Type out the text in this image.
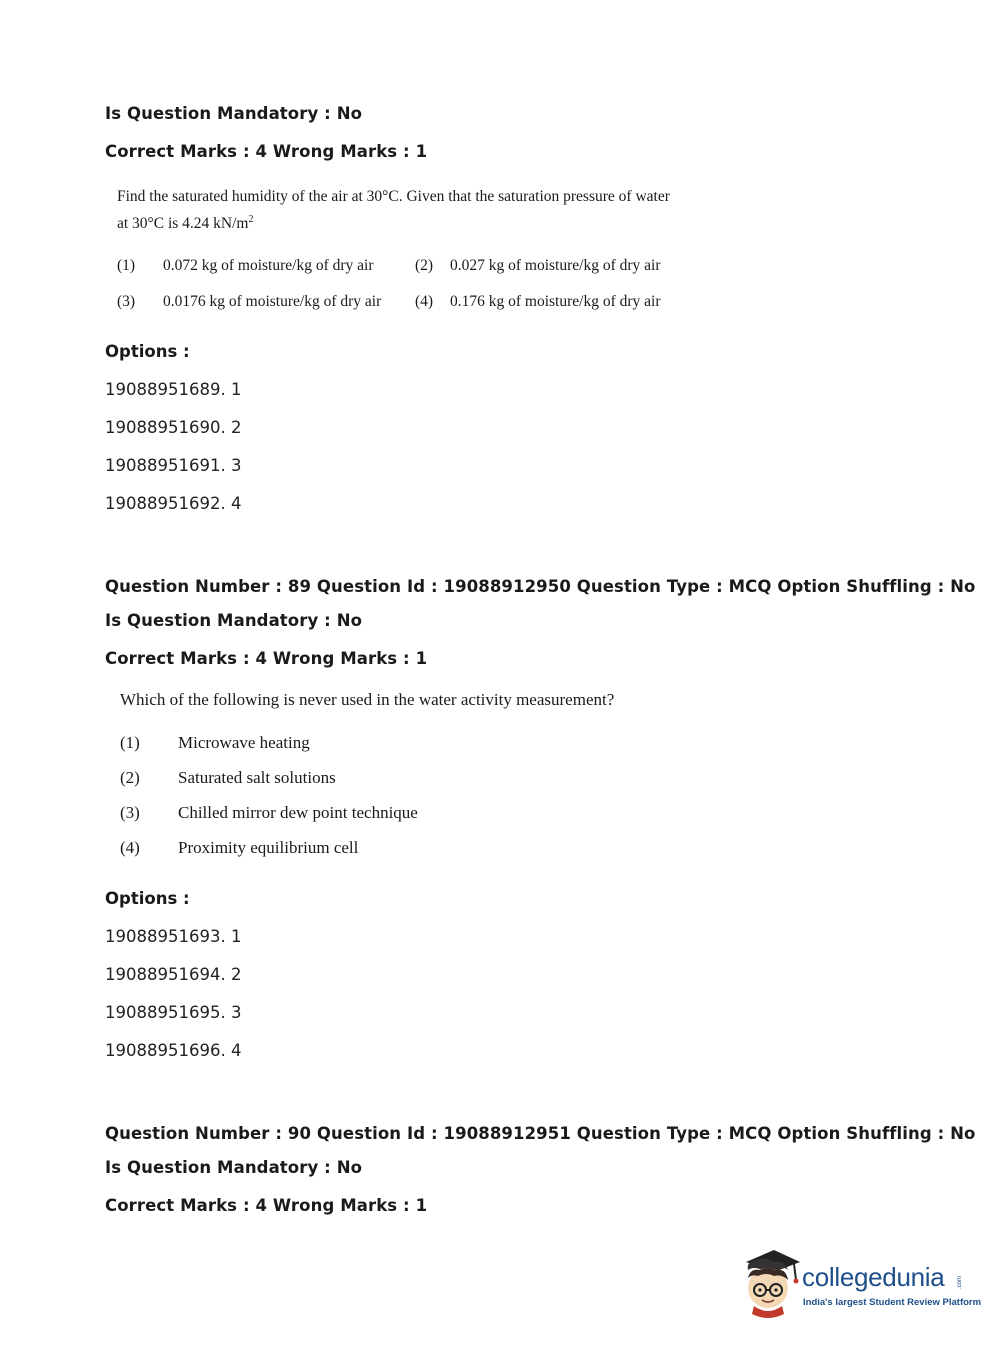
Is Question Mandatory : No
Correct Marks : 4 Wrong Marks : 1
Find the saturated humidity of the air at 30°C. Given that the saturation pressure of water
at 30°C is 4.24 $kN/m^2$
(1) 0.072 kg of moisture/kg of dry air	(2) 0.027 kg of moisture/kg of dry air
(3) 0.0176 kg of moisture/kg of dry air (4) 0.176 kg of moisture/kg of dry air
Options :
19088951689. 1
19088951690. 2
19088951691. 3
19088951692. 4
Question Number : 89 Question Id : 19088912950 Question Type : MCQ Option Shuffling : No
Is Question Mandatory : No
Correct Marks : 4 Wrong Marks : 1
Which of the following is never used in the water activity measurement?
(1) Microwave heating
(2) Saturated salt solutions
(3) Chilled mirror dew point technique
(4) Proximity equilibrium cell
Options :
19088951693. 1
19088951694. 2
19088951695. 3
19088951696. 4
Question Number : 90 Question Id : 19088912951 Question Type : MCQ Option Shuffling : No
Is Question Mandatory : No
Correct Marks : 4 Wrong Marks : 1
collegedunia .com
India's largest Student Review Platform
